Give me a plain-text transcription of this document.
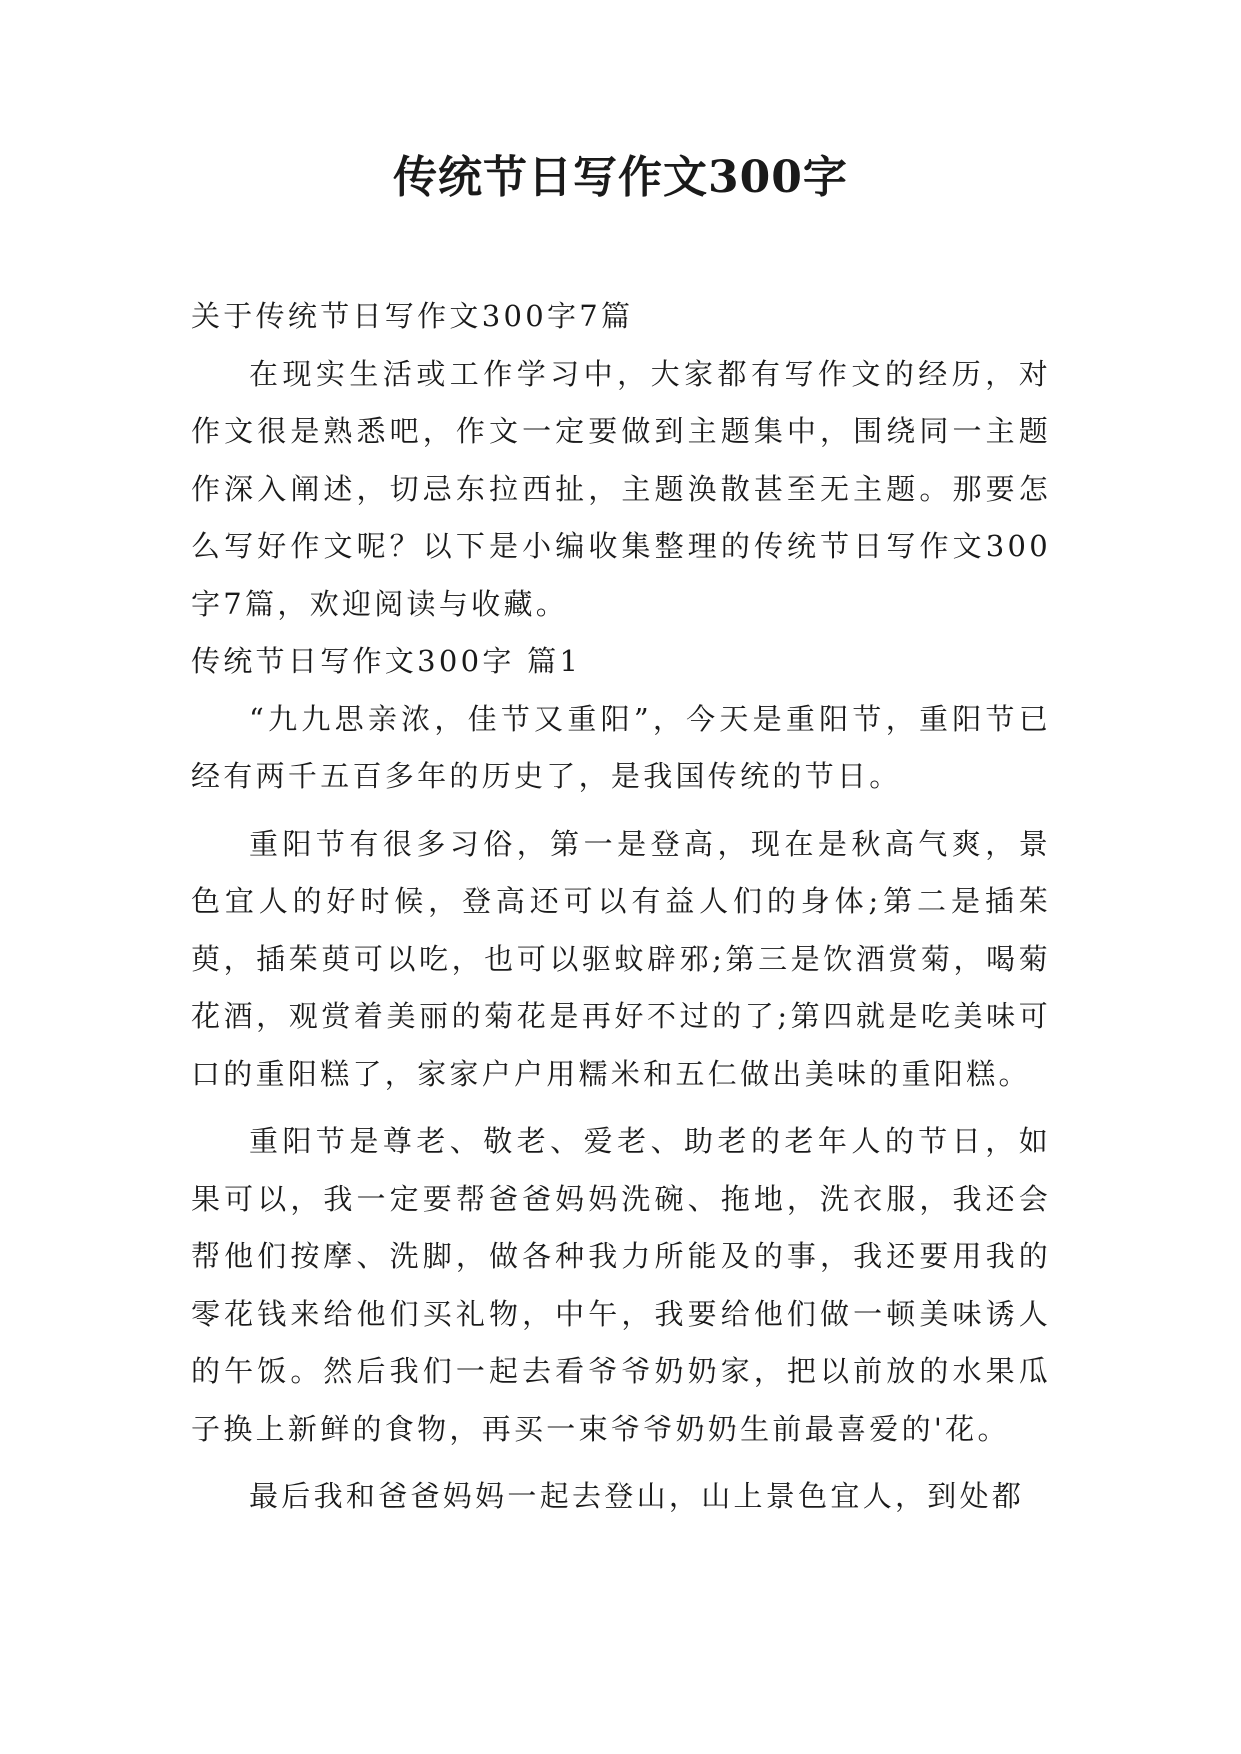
传统节日写作文300字

关于传统节日写作文300字7篇

在现实生活或工作学习中，大家都有写作文的经历，对作文很是熟悉吧，作文一定要做到主题集中，围绕同一主题作深入阐述，切忌东拉西扯，主题涣散甚至无主题。那要怎么写好作文呢？以下是小编收集整理的传统节日写作文300字7篇，欢迎阅读与收藏。

传统节日写作文300字 篇1

“九九思亲浓，佳节又重阳”，今天是重阳节，重阳节已经有两千五百多年的历史了，是我国传统的节日。

重阳节有很多习俗，第一是登高，现在是秋高气爽，景色宜人的好时候，登高还可以有益人们的身体;第二是插茱萸，插茱萸可以吃，也可以驱蚊辟邪;第三是饮酒赏菊，喝菊花酒，观赏着美丽的菊花是再好不过的了;第四就是吃美味可口的重阳糕了，家家户户用糯米和五仁做出美味的重阳糕。

重阳节是尊老、敬老、爱老、助老的老年人的节日，如果可以，我一定要帮爸爸妈妈洗碗、拖地，洗衣服，我还会帮他们按摩、洗脚，做各种我力所能及的事，我还要用我的零花钱来给他们买礼物，中午，我要给他们做一顿美味诱人的午饭。然后我们一起去看爷爷奶奶家，把以前放的水果瓜子换上新鲜的食物，再买一束爷爷奶奶生前最喜爱的'花。

最后我和爸爸妈妈一起去登山，山上景色宜人，到处都
